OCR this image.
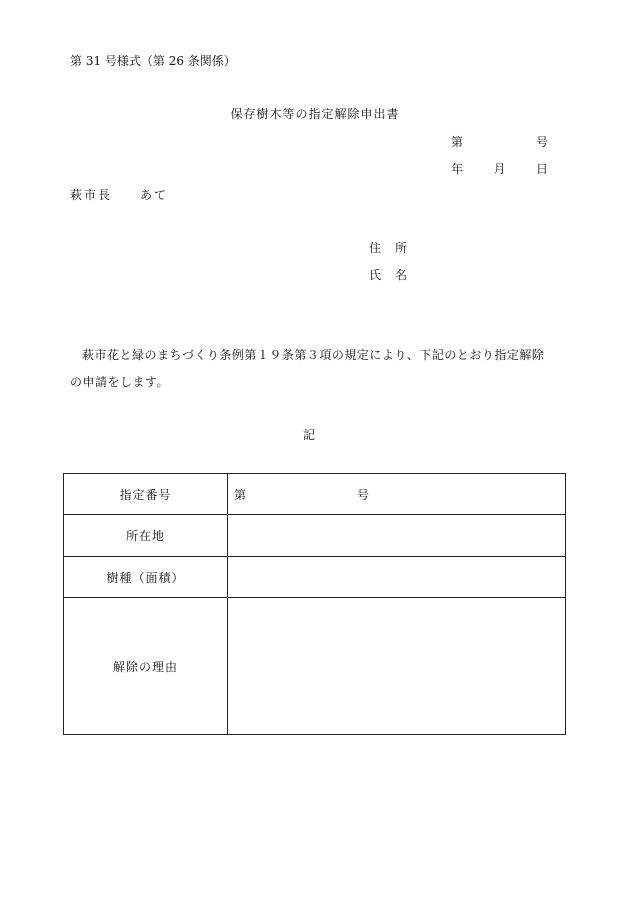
第 31 号様式（第 26 条関係）
保存樹木等の指定解除申出書
第	号
年	月	日
萩市長　　あて
住所
氏名
萩市花と緑のまちづくり条例第１９条第３項の規定により、下記のとおり指定解除の申請をします。
記
指定番号	第 号

所在地	
樹種（面積）	
解除の理由	
